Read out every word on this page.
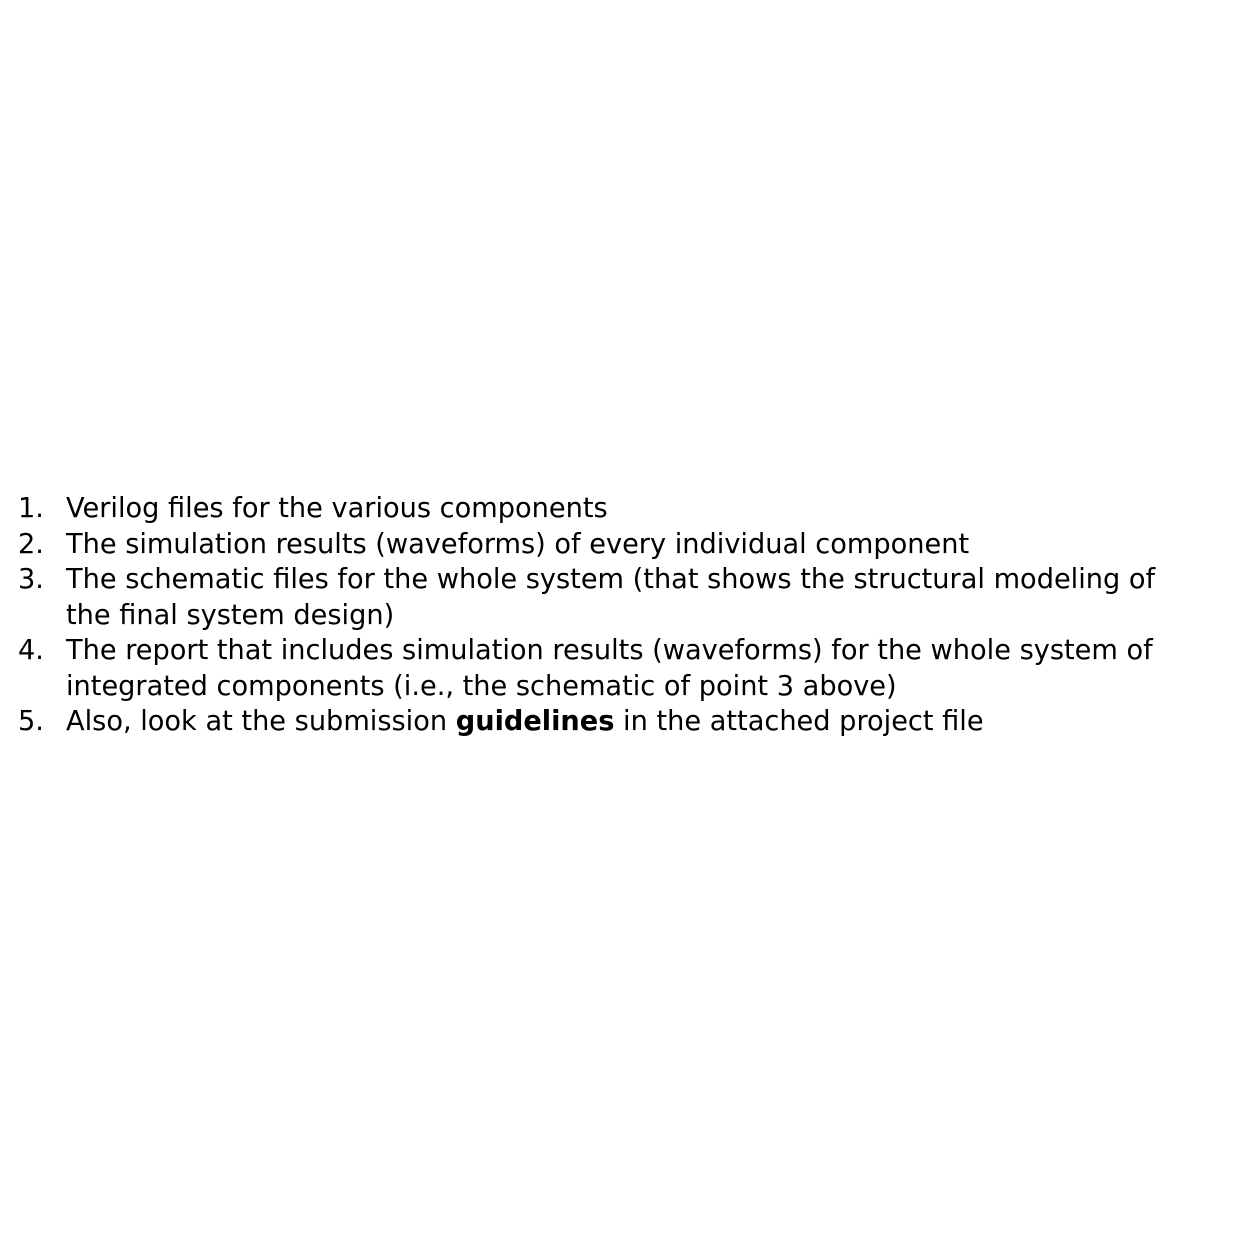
1. Verilog files for the various components
2. The simulation results (waveforms) of every individual component
3. The schematic files for the whole system (that shows the structural modeling of the final system design)
4. The report that includes simulation results (waveforms) for the whole system of integrated components (i.e., the schematic of point 3 above)
5. Also, look at the submission guidelines in the attached project file
